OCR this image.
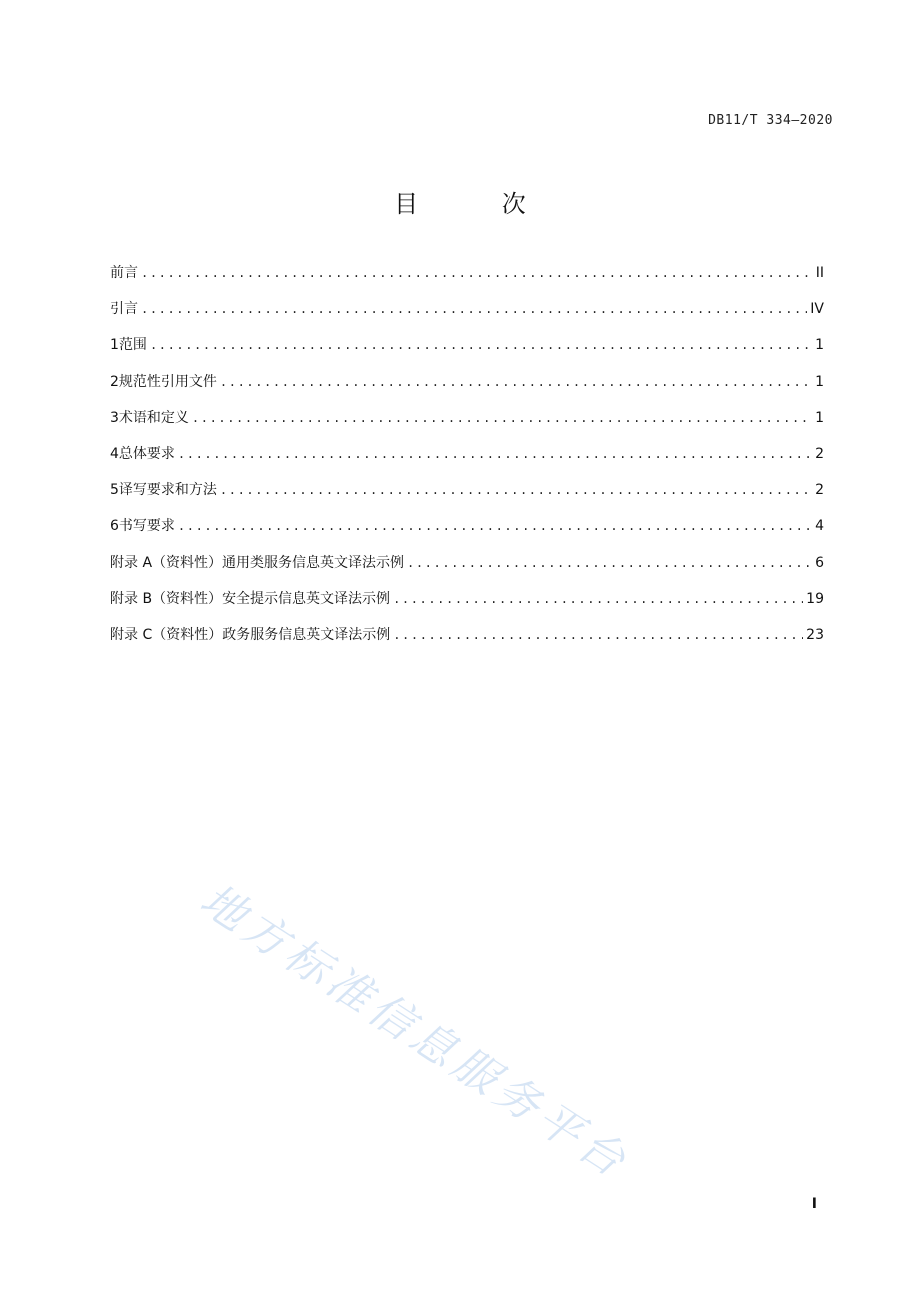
DB11/T 334—2020
目 次
前言 .....	II
引言 .....	IV
1 范围 .....	1
2 规范性引用文件 .....	1
3 术语和定义 .....	1
4 总体要求 .....	2
5 译写要求和方法 .....	2
6 书写要求 .....	4
附录 A（资料性） 通用类服务信息英文译法示例 .....	6
附录 B（资料性） 安全提示信息英文译法示例 .....	19
附录 C（资料性） 政务服务信息英文译法示例 .....	23
地方标准信息服务平台
I
